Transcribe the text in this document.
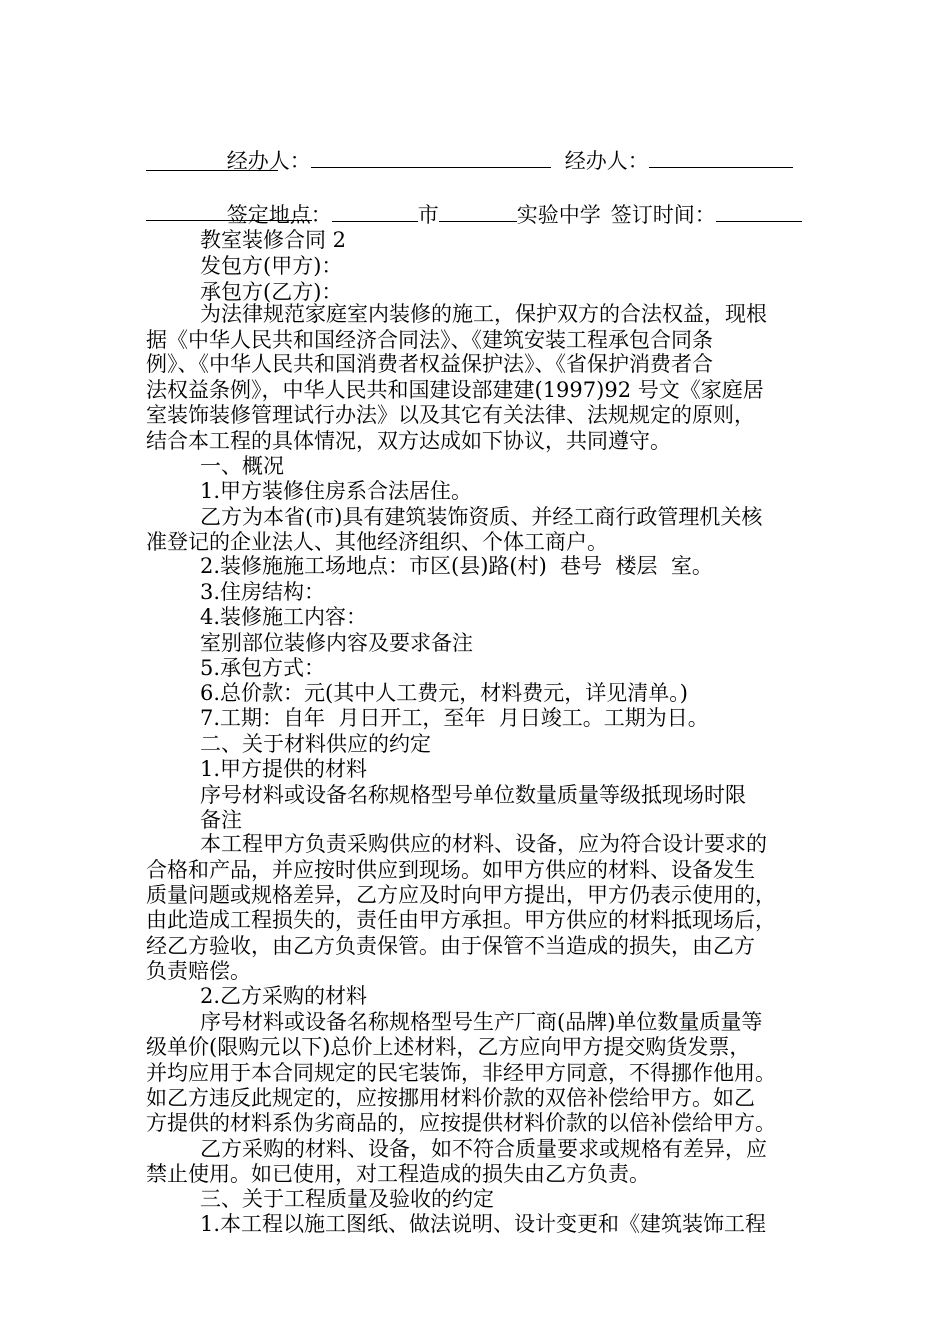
经办人：	经办人：

签定地点：	市	实验中学 签订时间：

教室装修合同 2
发包方(甲方)：
承包方(乙方)：
为法律规范家庭室内装修的施工，保护双方的合法权益，现根
据《中华人民共和国经济合同法》、《建筑安装工程承包合同条
例》、《中华人民共和国消费者权益保护法》、《省保护消费者合
法权益条例》，中华人民共和国建设部建建(1997)92 号文《家庭居
室装饰装修管理试行办法》以及其它有关法律、法规规定的原则，
结合本工程的具体情况，双方达成如下协议，共同遵守。
一、概况
1.甲方装修住房系合法居住。
乙方为本省(市)具有建筑装饰资质、并经工商行政管理机关核
准登记的企业法人、其他经济组织、个体工商户。
2.装修施施工场地点：市区(县)路(村)  巷号  楼层  室。
3.住房结构：
4.装修施工内容：
室别部位装修内容及要求备注
5.承包方式：
6.总价款：元(其中人工费元，材料费元，详见清单。)
7.工期：自年  月日开工，至年  月日竣工。工期为日。
二、关于材料供应的约定
1.甲方提供的材料
序号材料或设备名称规格型号单位数量质量等级抵现场时限
备注
本工程甲方负责采购供应的材料、设备，应为符合设计要求的
合格和产品，并应按时供应到现场。如甲方供应的材料、设备发生
质量问题或规格差异，乙方应及时向甲方提出，甲方仍表示使用的，
由此造成工程损失的，责任由甲方承担。甲方供应的材料抵现场后，
经乙方验收，由乙方负责保管。由于保管不当造成的损失，由乙方
负责赔偿。
2.乙方采购的材料
序号材料或设备名称规格型号生产厂商(品牌)单位数量质量等
级单价(限购元以下)总价上述材料，乙方应向甲方提交购货发票，
并均应用于本合同规定的民宅装饰，非经甲方同意，不得挪作他用。
如乙方违反此规定的，应按挪用材料价款的双倍补偿给甲方。如乙
方提供的材料系伪劣商品的，应按提供材料价款的以倍补偿给甲方。
乙方采购的材料、设备，如不符合质量要求或规格有差异，应
禁止使用。如已使用，对工程造成的损失由乙方负责。
三、关于工程质量及验收的约定
1.本工程以施工图纸、做法说明、设计变更和《建筑装饰工程
